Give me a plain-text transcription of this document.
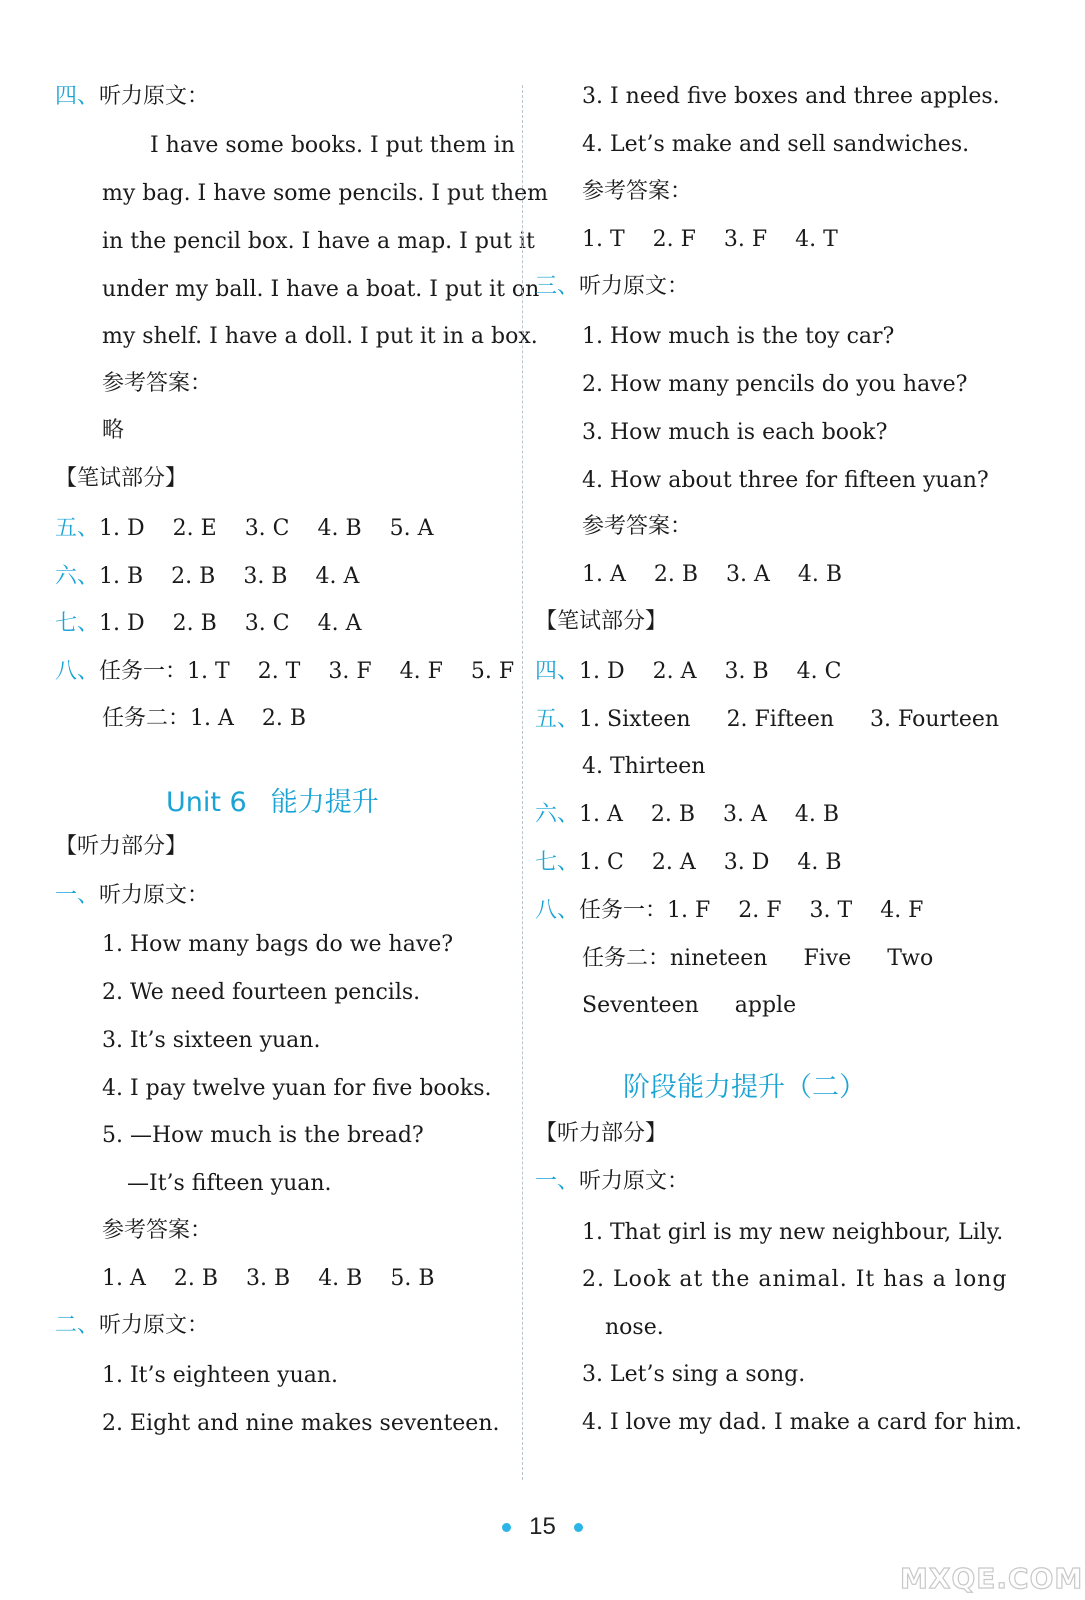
四、听力原文：
I have some books. I put them in
my bag. I have some pencils. I put them
in the pencil box. I have a map. I put it
under my ball. I have a boat. I put it on
my shelf. I have a doll. I put it in a box.
参考答案：
略
【笔试部分】
五、1. D 2. E 3. C 4. B 5. A
六、1. B 2. B 3. B 4. A
七、1. D 2. B 3. C 4. A
八、任务一：1. T 2. T 3. F 4. F 5. F
任务二：1. A 2. B
Unit 6 能力提升
【听力部分】
一、听力原文：
1. How many bags do we have?
2. We need fourteen pencils.
3. It’s sixteen yuan.
4. I pay twelve yuan for five books.
5. —How much is the bread?
—It’s fifteen yuan.
参考答案：
1. A 2. B 3. B 4. B 5. B
二、听力原文：
1. It’s eighteen yuan.
2. Eight and nine makes seventeen.
3. I need five boxes and three apples.
4. Let’s make and sell sandwiches.
参考答案：
1. T 2. F 3. F 4. T
三、听力原文：
1. How much is the toy car?
2. How many pencils do you have?
3. How much is each book?
4. How about three for fifteen yuan?
参考答案：
1. A 2. B 3. A 4. B
【笔试部分】
四、1. D 2. A 3. B 4. C
五、1. Sixteen 2. Fifteen 3. Fourteen
4. Thirteen
六、1. A 2. B 3. A 4. B
七、1. C 2. A 3. D 4. B
八、任务一：1. F 2. F 3. T 4. F
任务二：nineteen Five Two
Seventeen apple
阶段能力提升（二）
【听力部分】
一、听力原文：
1. That girl is my new neighbour, Lily.
2. Look at the animal. It has a long
nose.
3. Let’s sing a song.
4. I love my dad. I make a card for him.
15
MXQE.COM
